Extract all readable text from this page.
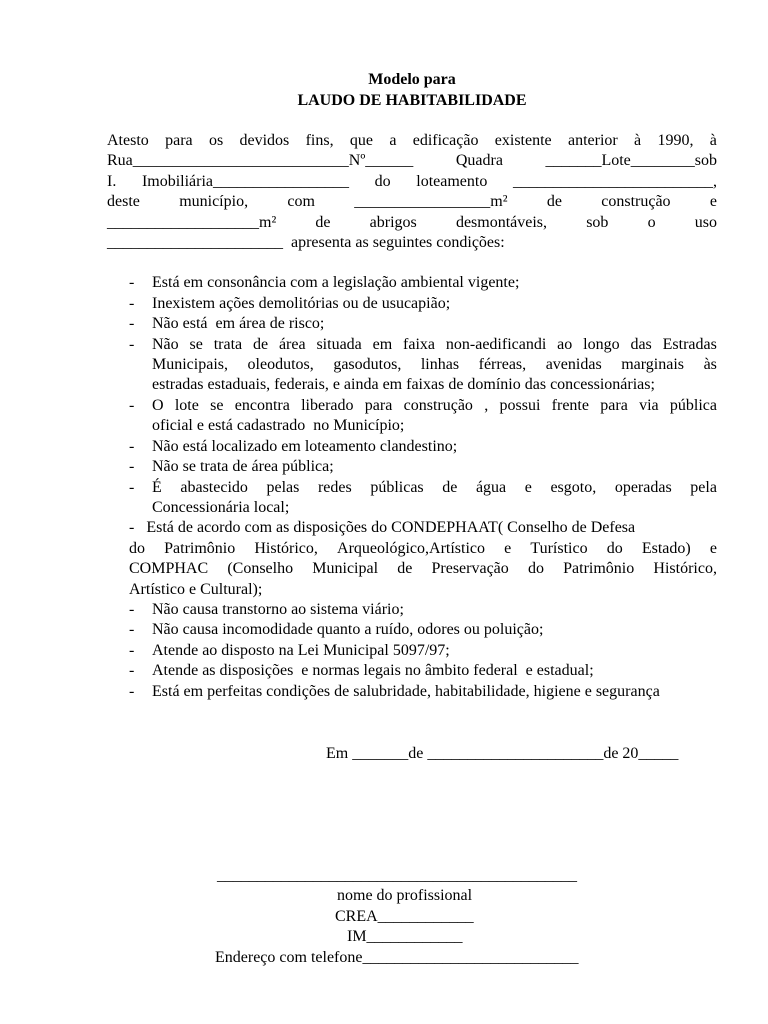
Modelo para

LAUDO DE HABITABILIDADE

Atesto para os devidos fins, que a edificação existente anterior à 1990, à
Rua___________________________Nº______	Quadra	_______Lote________sob
I. Imobiliária_________________ do loteamento _________________________,
deste município, com _________________m² de construção e
___________________m² de abrigos desmontáveis, sob o uso
______________________  apresenta as seguintes condições:
- Está em consonância com a legislação ambiental vigente;
- Inexistem ações demolitórias ou de usucapião;
- Não está  em área de risco;
- Não se trata de área situada em faixa non-aedificandi ao longo das Estradas
Municipais, oleodutos, gasodutos, linhas férreas, avenidas marginais às
estradas estaduais, federais, e ainda em faixas de domínio das concessionárias;
- O lote se encontra liberado para construção , possui frente para via pública
oficial e está cadastrado  no Município;
- Não está localizado em loteamento clandestino;
- Não se trata de área pública;
- É abastecido pelas redes públicas de água e esgoto, operadas pela
Concessionária local;
-   Está de acordo com as disposições do CONDEPHAAT( Conselho de Defesa
do Patrimônio Histórico, Arqueológico,Artístico e Turístico do Estado) e
COMPHAC (Conselho Municipal de Preservação do Patrimônio Histórico,
Artístico e Cultural);
- Não causa transtorno ao sistema viário;
- Não causa incomodidade quanto a ruído, odores ou poluição;
- Atende ao disposto na Lei Municipal 5097/97;
- Atende as disposições  e normas legais no âmbito federal  e estadual;
- Está em perfeitas condições de salubridade, habitabilidade, higiene e segurança
Em _______de ______________________de 20_____
_____________________________________________
nome do profissional
CREA____________
IM____________
Endereço com telefone___________________________
